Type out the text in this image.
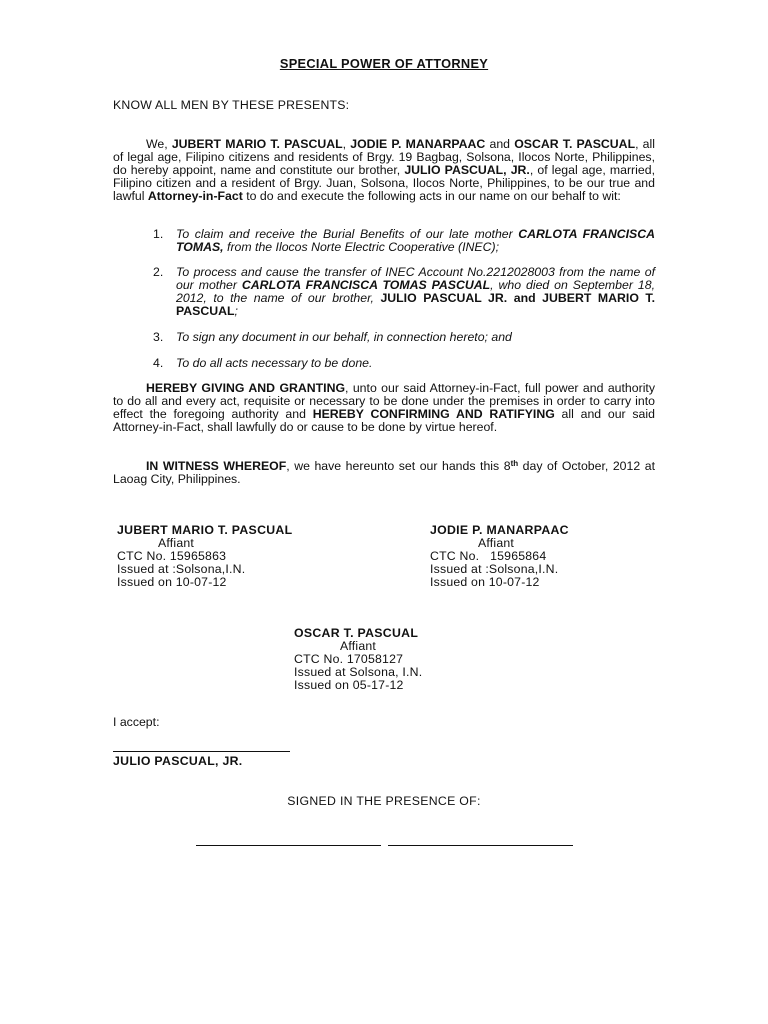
SPECIAL POWER OF ATTORNEY
KNOW ALL MEN BY THESE PRESENTS:
We, JUBERT MARIO T. PASCUAL, JODIE P. MANARPAAC and OSCAR T. PASCUAL, all of legal age, Filipino citizens and residents of Brgy. 19 Bagbag, Solsona, Ilocos Norte, Philippines, do hereby appoint, name and constitute our brother, JULIO PASCUAL, JR., of legal age, married, Filipino citizen and a resident of Brgy. Juan, Solsona, Ilocos Norte, Philippines, to be our true and lawful Attorney-in-Fact to do and execute the following acts in our name on our behalf to wit:
1. To claim and receive the Burial Benefits of our late mother CARLOTA FRANCISCA TOMAS, from the Ilocos Norte Electric Cooperative (INEC);
2. To process and cause the transfer of INEC Account No.2212028003 from the name of our mother CARLOTA FRANCISCA TOMAS PASCUAL, who died on September 18, 2012, to the name of our brother, JULIO PASCUAL JR. and JUBERT MARIO T. PASCUAL;
3. To sign any document in our behalf, in connection hereto; and
4. To do all acts necessary to be done.
HEREBY GIVING AND GRANTING, unto our said Attorney-in-Fact, full power and authority to do all and every act, requisite or necessary to be done under the premises in order to carry into effect the foregoing authority and HEREBY CONFIRMING AND RATIFYING all and our said Attorney-in-Fact, shall lawfully do or cause to be done by virtue hereof.
IN WITNESS WHEREOF, we have hereunto set our hands this 8th day of October, 2012 at Laoag City, Philippines.
JUBERT MARIO T. PASCUAL
Affiant
CTC No. 15965863
Issued at :Solsona,I.N.
Issued on 10-07-12
JODIE P. MANARPAAC
Affiant
CTC No.   15965864
Issued at :Solsona,I.N.
Issued on 10-07-12
OSCAR T. PASCUAL
Affiant
CTC No. 17058127
Issued at Solsona, I.N.
Issued on 05-17-12
I accept:
JULIO PASCUAL, JR.
SIGNED IN THE PRESENCE OF:
